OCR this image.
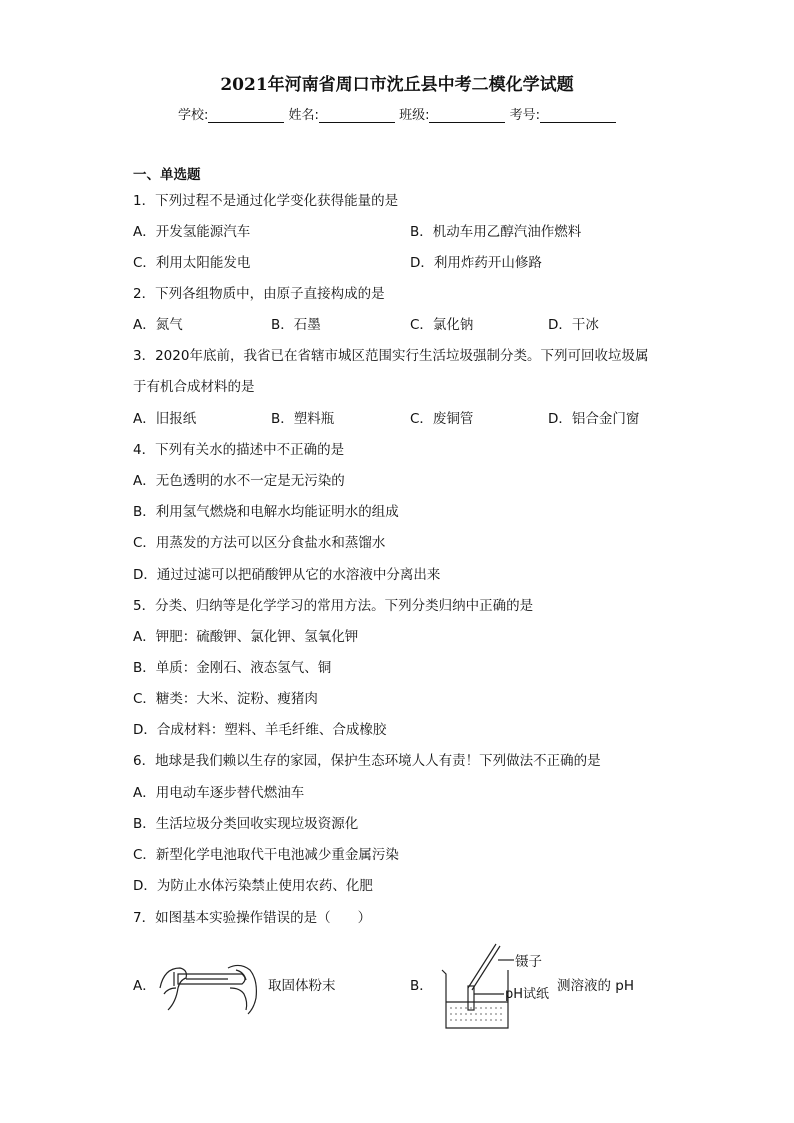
2021年河南省周口市沈丘县中考二模化学试题
学校:	姓名:	班级:	考号:
一、单选题
1．下列过程不是通过化学变化获得能量的是
A．开发氢能源汽车	B．机动车用乙醇汽油作燃料
C．利用太阳能发电	D．利用炸药开山修路
2．下列各组物质中，由原子直接构成的是
A．氮气	B．石墨	C．氯化钠	D．干冰
3．2020年底前，我省已在省辖市城区范围实行生活垃圾强制分类。下列可回收垃圾属
于有机合成材料的是
A．旧报纸	B．塑料瓶	C．废铜管	D．铝合金门窗
4．下列有关水的描述中不正确的是
A．无色透明的水不一定是无污染的
B．利用氢气燃烧和电解水均能证明水的组成
C．用蒸发的方法可以区分食盐水和蒸馏水
D．通过过滤可以把硝酸钾从它的水溶液中分离出来
5．分类、归纳等是化学学习的常用方法。下列分类归纳中正确的是
A．钾肥：硫酸钾、氯化钾、氢氧化钾
B．单质：金刚石、液态氢气、铜
C．糖类：大米、淀粉、瘦猪肉
D．合成材料：塑料、羊毛纤维、合成橡胶
6．地球是我们赖以生存的家园，保护生态环境人人有责！下列做法不正确的是
A．用电动车逐步替代燃油车
B．生活垃圾分类回收实现垃圾资源化
C．新型化学电池取代干电池减少重金属污染
D．为防止水体污染禁止使用农药、化肥
7．如图基本实验操作错误的是（　　）
A．	取固体粉末	B．
镊子
pH试纸
测溶液的 pH
